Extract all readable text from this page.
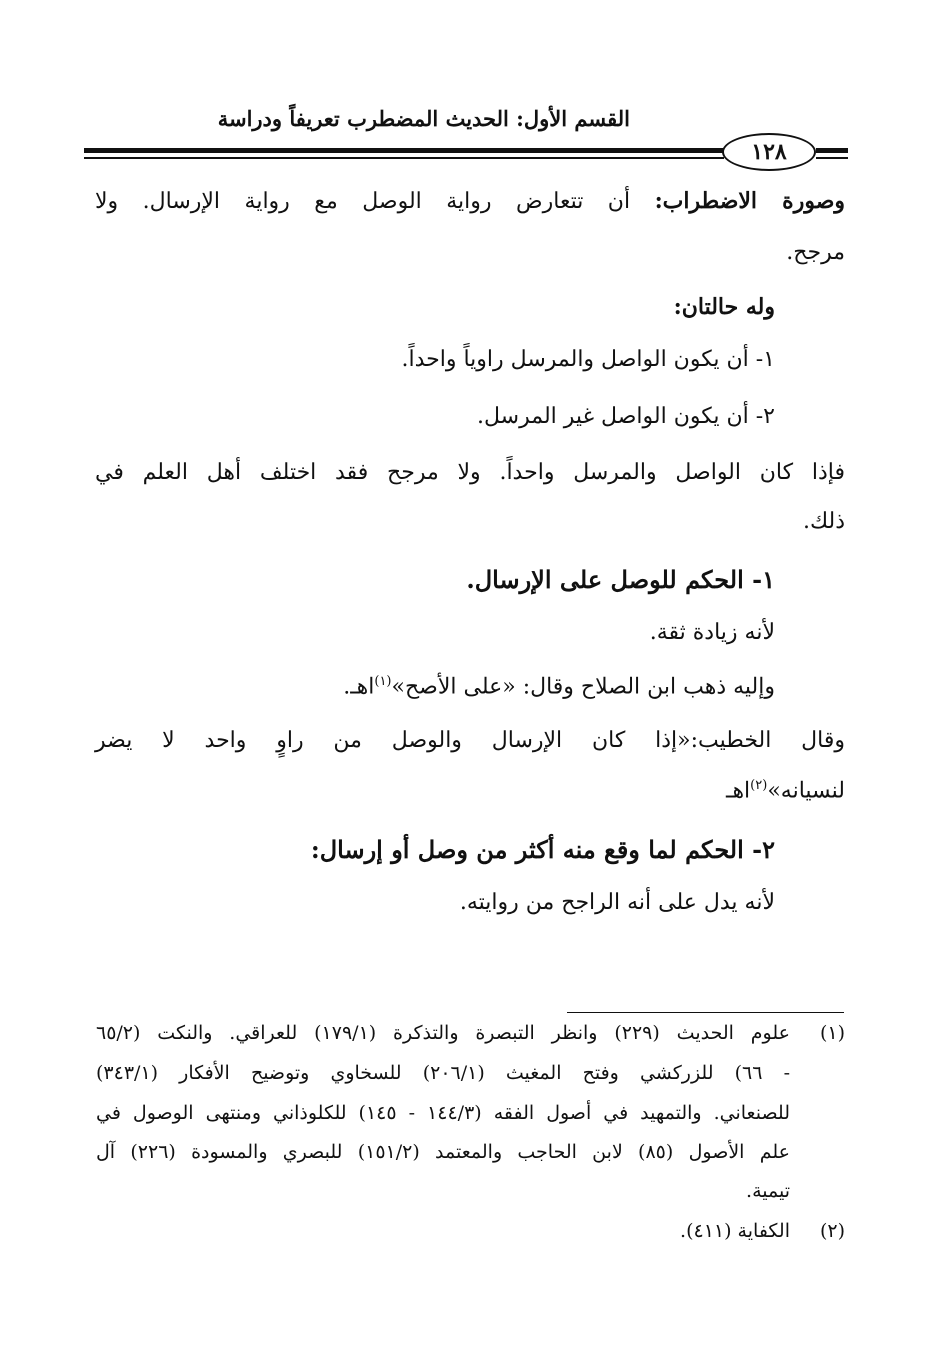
القسم الأول: الحديث المضطرب تعريفاً ودراسة
١٢٨
وصورة الاضطراب: أن تتعارض رواية الوصل مع رواية الإرسال. ولا
مرجح.
وله حالتان:
١- أن يكون الواصل والمرسل راوياً واحداً.
٢- أن يكون الواصل غير المرسل.
فإذا كان الواصل والمرسل واحداً. ولا مرجح فقد اختلف أهل العلم في
ذلك.
١- الحكم للوصل على الإرسال.
لأنه زيادة ثقة.
وإليه ذهب ابن الصلاح وقال: «على الأصح»$^{(١)}$اهـ.
وقال الخطيب:«إذا كان الإرسال والوصل من راوٍ واحد لا يضر
لنسيانه»$^{(٢)}$اهـ
٢- الحكم لما وقع منه أكثر من وصل أو إرسال:
لأنه يدل على أنه الراجح من روايته.
(١)
علوم الحديث (٢٢٩) وانظر التبصرة والتذكرة (١٧٩/١) للعراقي. والنكت (٦٥/٢
- ٦٦) للزركشي وفتح المغيث (٢٠٦/١) للسخاوي وتوضيح الأفكار (٣٤٣/١)
للصنعاني. والتمهيد في أصول الفقه (١٤٤/٣ - ١٤٥) للكلوذاني ومنتهى الوصول في
علم الأصول (٨٥) لابن الحاجب والمعتمد (١٥١/٢) للبصري والمسودة (٢٢٦) آل
تيمية.
(٢)
الكفاية (٤١١).
